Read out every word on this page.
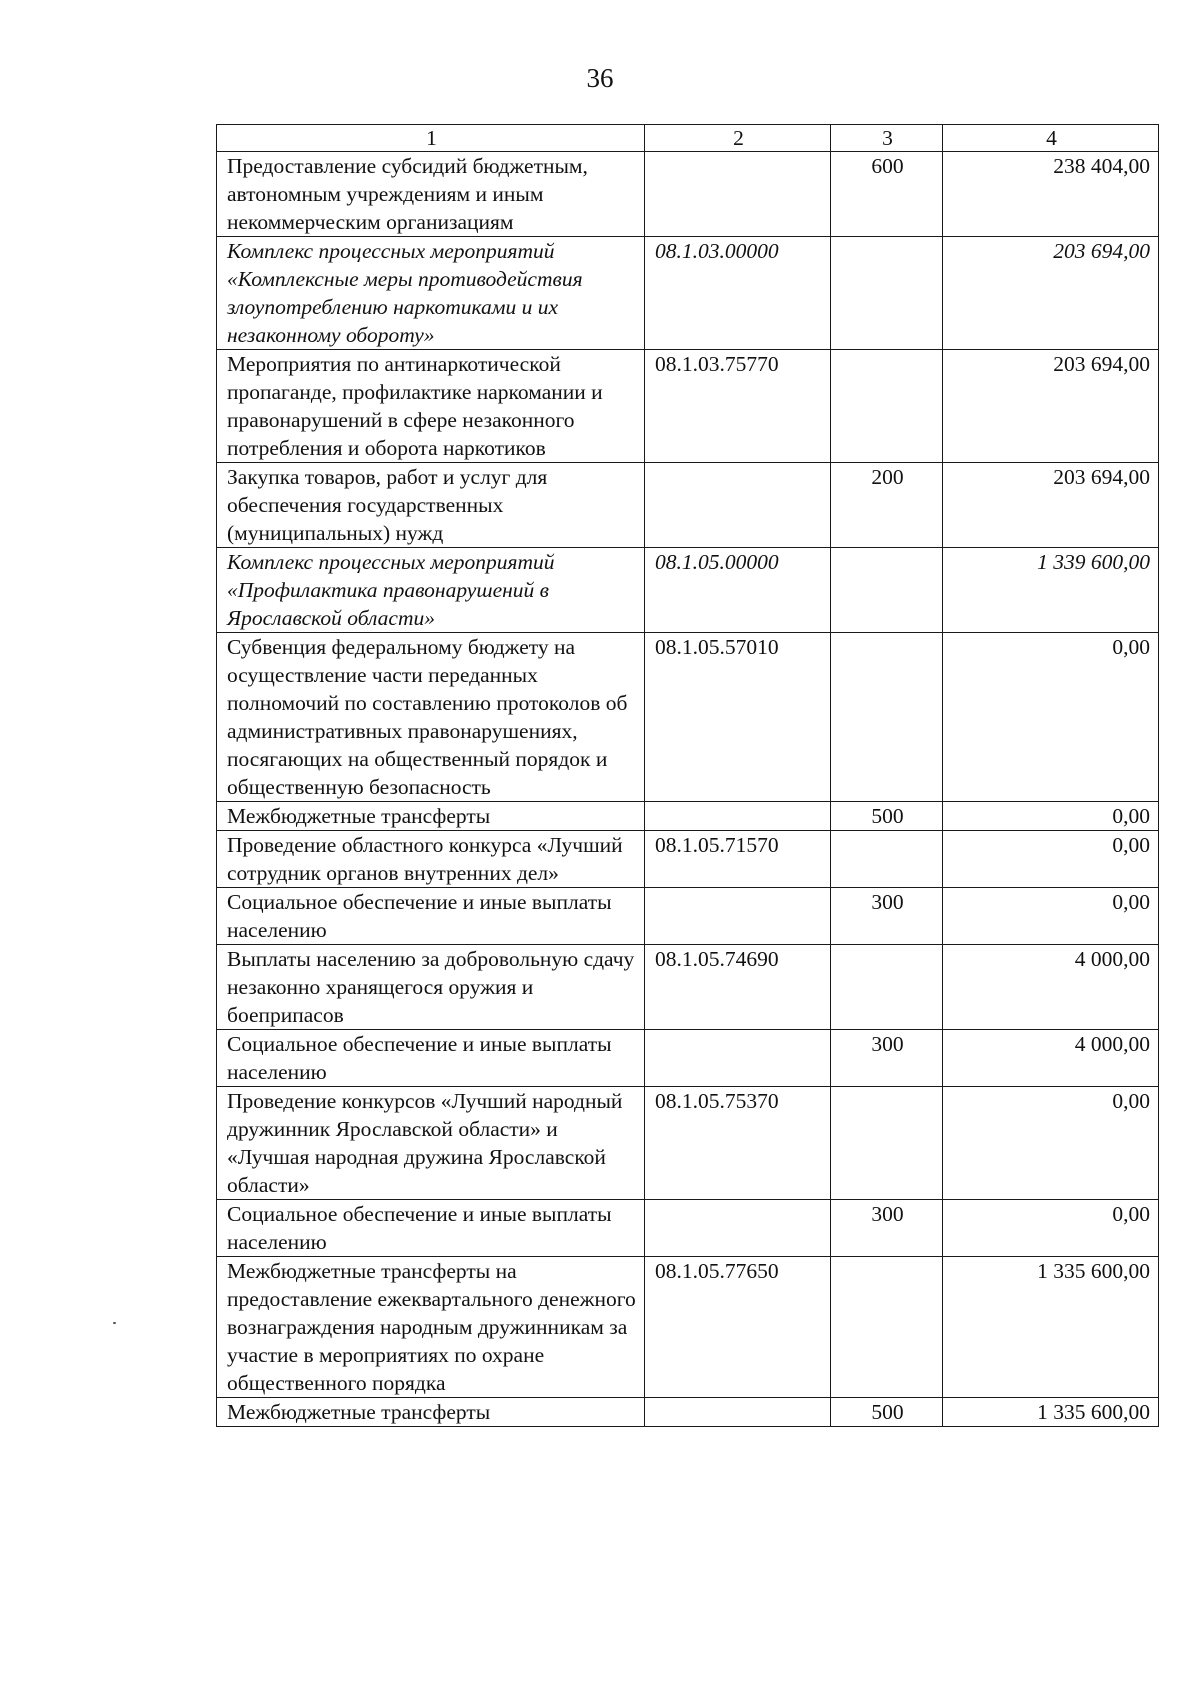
36
1	2	3	4
Предоставление субсидий бюджетным, автономным учреждениям и иным некоммерческим организациям		600	238 404,00
Комплекс процессных мероприятий «Комплексные меры противодействия злоупотреблению наркотиками и их незаконному обороту»	08.1.03.00000		203 694,00
Мероприятия по антинаркотической пропаганде, профилактике наркомании и правонарушений в сфере незаконного потребления и оборота наркотиков	08.1.03.75770		203 694,00
Закупка товаров, работ и услуг для обеспечения государственных (муниципальных) нужд		200	203 694,00
Комплекс процессных мероприятий «Профилактика правонарушений в Ярославской области»	08.1.05.00000		1 339 600,00
Субвенция федеральному бюджету на осуществление части переданных полномочий по составлению протоколов об административных правонарушениях, посягающих на общественный порядок и общественную безопасность	08.1.05.57010		0,00
Межбюджетные трансферты		500	0,00
Проведение областного конкурса «Лучший сотрудник органов внутренних дел»	08.1.05.71570		0,00
Социальное обеспечение и иные выплаты населению		300	0,00
Выплаты населению за добровольную сдачу незаконно хранящегося оружия и боеприпасов	08.1.05.74690		4 000,00
Социальное обеспечение и иные выплаты населению		300	4 000,00
Проведение конкурсов «Лучший народный дружинник Ярославской области» и «Лучшая народная дружина Ярославской области»	08.1.05.75370		0,00
Социальное обеспечение и иные выплаты населению		300	0,00
Межбюджетные трансферты на предоставление ежеквартального денежного вознаграждения народным дружинникам за участие в мероприятиях по охране общественного порядка	08.1.05.77650		1 335 600,00
Межбюджетные трансферты		500	1 335 600,00
